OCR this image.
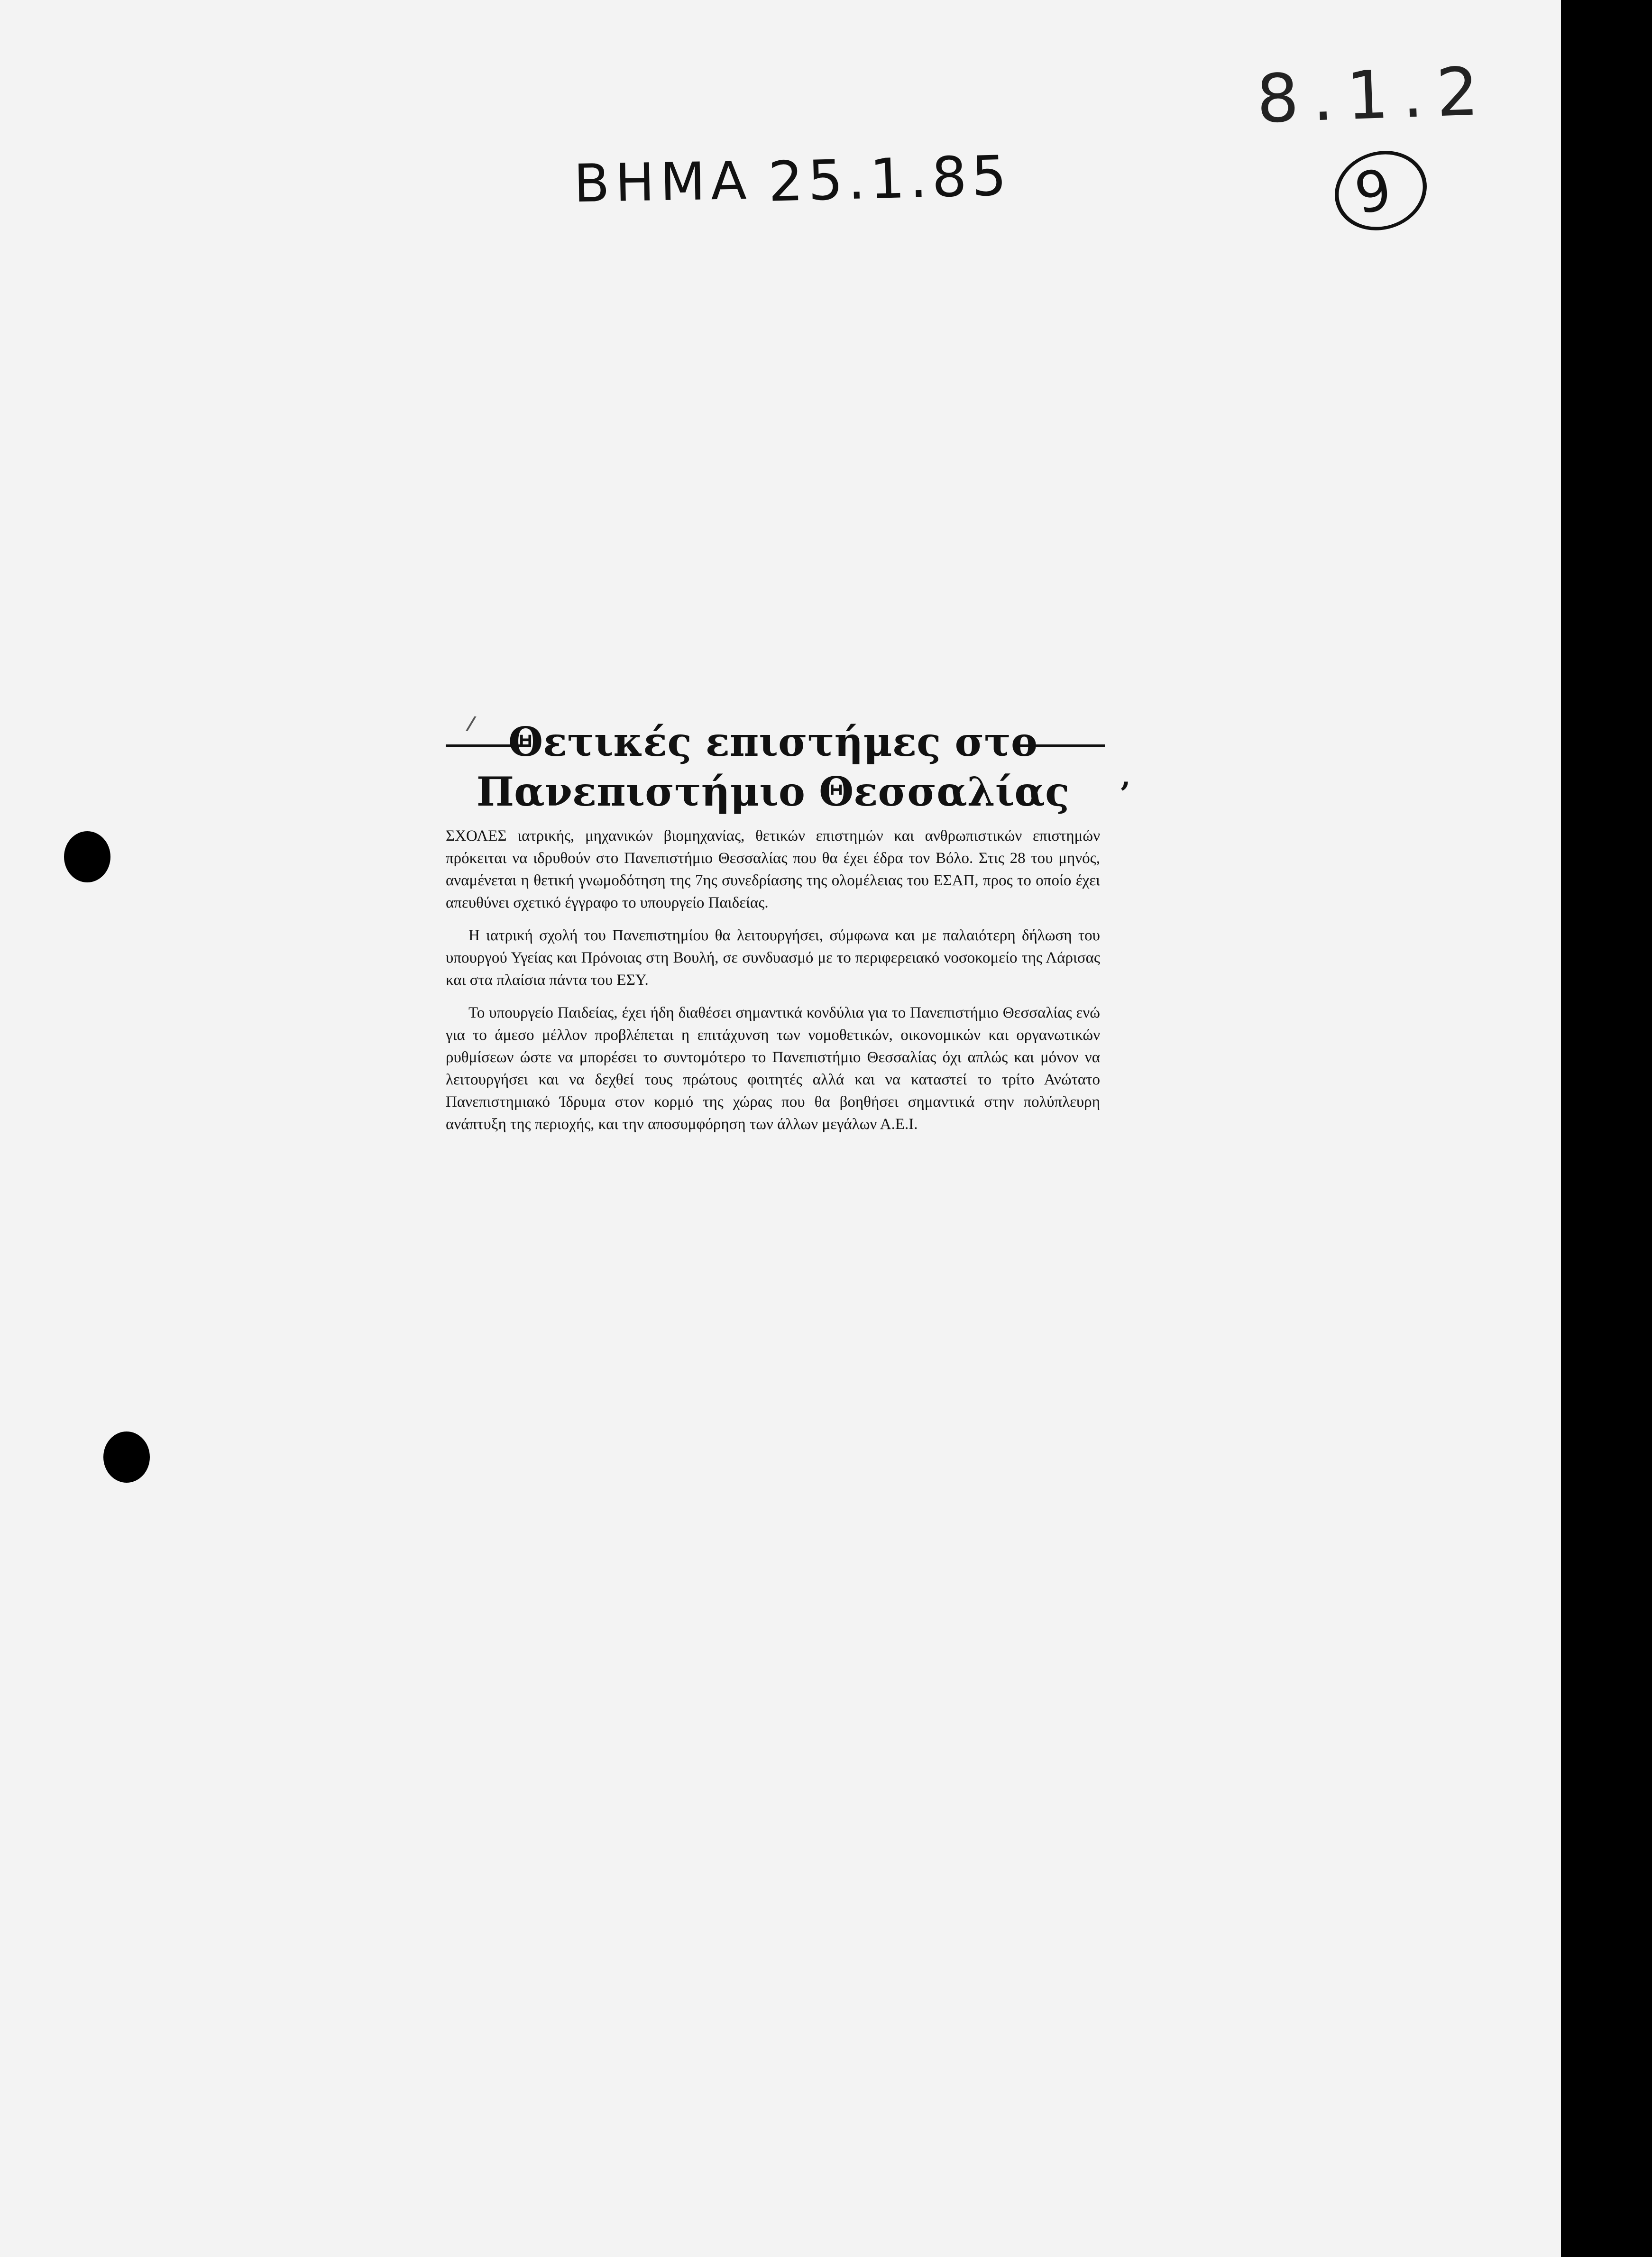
ΒΗΜΑ 25.1.85
8.1.2
9
Θετικές επιστήμες στο
Πανεπιστήμιο Θεσσαλίας
⁄
’

ΣΧΟΛΕΣ ιατρικής, μηχανικών βιομηχανίας, θετικών επιστημών και ανθρωπιστικών επιστημών πρόκειται να ιδρυθούν στο Πανεπιστήμιο Θεσσαλίας που θα έχει έδρα τον Βόλο. Στις 28 του μηνός, αναμένεται η θετική γνωμοδότηση της 7ης συνεδρίασης της ολομέλειας του ΕΣΑΠ, προς το οποίο έχει απευθύνει σχετικό έγγραφο το υπουργείο Παιδείας.

Η ιατρική σχολή του Πανεπιστημίου θα λειτουργήσει, σύμφωνα και με παλαιότερη δήλωση του υπουργού Υγείας και Πρόνοιας στη Βουλή, σε συνδυασμό με το περιφερειακό νοσοκομείο της Λάρισας και στα πλαίσια πάντα του ΕΣΥ.

Το υπουργείο Παιδείας, έχει ήδη διαθέσει σημαντικά κονδύλια για το Πανεπιστήμιο Θεσσαλίας ενώ για το άμεσο μέλλον προβλέπεται η επιτάχυνση των νομοθετικών, οικονομικών και οργανωτικών ρυθμίσεων ώστε να μπορέσει το συντομότερο το Πανεπιστήμιο Θεσσαλίας όχι απλώς και μόνον να λειτουργήσει και να δεχθεί τους πρώτους φοιτητές αλλά και να καταστεί το τρίτο Ανώτατο Πανεπιστημιακό Ίδρυμα στον κορμό της χώρας που θα βοηθήσει σημαντικά στην πολύπλευρη ανάπτυξη της περιοχής, και την αποσυμφόρηση των άλλων μεγάλων Α.Ε.Ι.
